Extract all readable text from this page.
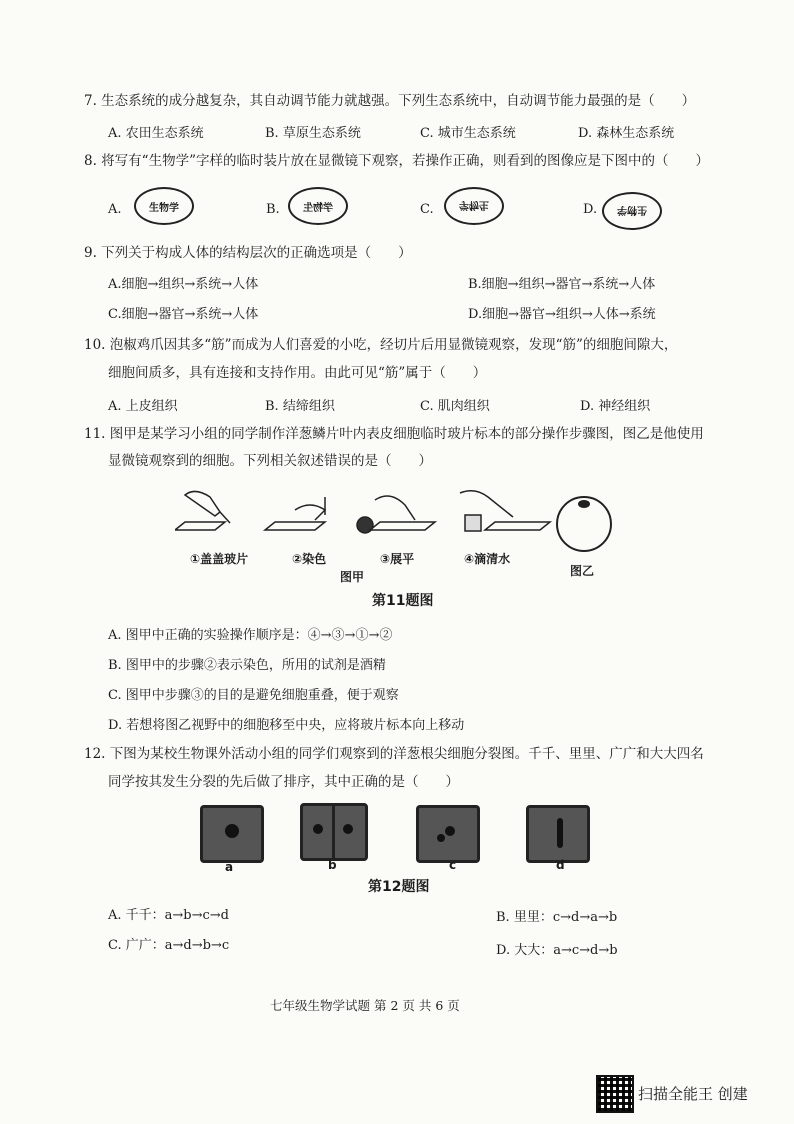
7. 生态系统的成分越复杂，其自动调节能力就越强。下列生态系统中，自动调节能力最强的是（　　）
A. 农田生态系统	B. 草原生态系统	C. 城市生态系统	D. 森林生态系统
8. 将写有“生物学”字样的临时装片放在显微镜下观察，若操作正确，则看到的图像应是下图中的（　　）
A.	生物学	B. 学物生	C.	学物生	D. 生物学
9. 下列关于构成人体的结构层次的正确选项是（　　）
A.细胞→组织→系统→人体	B.细胞→组织→器官→系统→人体
C.细胞→器官→系统→人体	D.细胞→器官→组织→人体→系统
10. 泡椒鸡爪因其多“筋”而成为人们喜爱的小吃，经切片后用显微镜观察，发现“筋”的细胞间隙大，
细胞间质多，具有连接和支持作用。由此可见“筋”属于（　　）
A. 上皮组织	B. 结缔组织	C. 肌肉组织	D. 神经组织
11. 图甲是某学习小组的同学制作洋葱鳞片叶内表皮细胞临时玻片标本的部分操作步骤图，图乙是他使用
显微镜观察到的细胞。下列相关叙述错误的是（　　）
①盖盖玻片	②染色	③展平	④滴清水
图甲	图乙
第11题图
A. 图甲中正确的实验操作顺序是：④→③→①→②
B. 图甲中的步骤②表示染色，所用的试剂是酒精
C. 图甲中步骤③的目的是避免细胞重叠，便于观察
D. 若想将图乙视野中的细胞移至中央，应将玻片标本向上移动
12. 下图为某校生物课外活动小组的同学们观察到的洋葱根尖细胞分裂图。千千、里里、广广和大大四名
同学按其发生分裂的先后做了排序，其中正确的是（　　）
a	b	c	d
第12题图
A. 千千：a→b→c→d	B. 里里：c→d→a→b
C. 广广：a→d→b→c	D. 大大：a→c→d→b
七年级生物学试题 第 2 页 共 6 页
扫描全能王 创建
